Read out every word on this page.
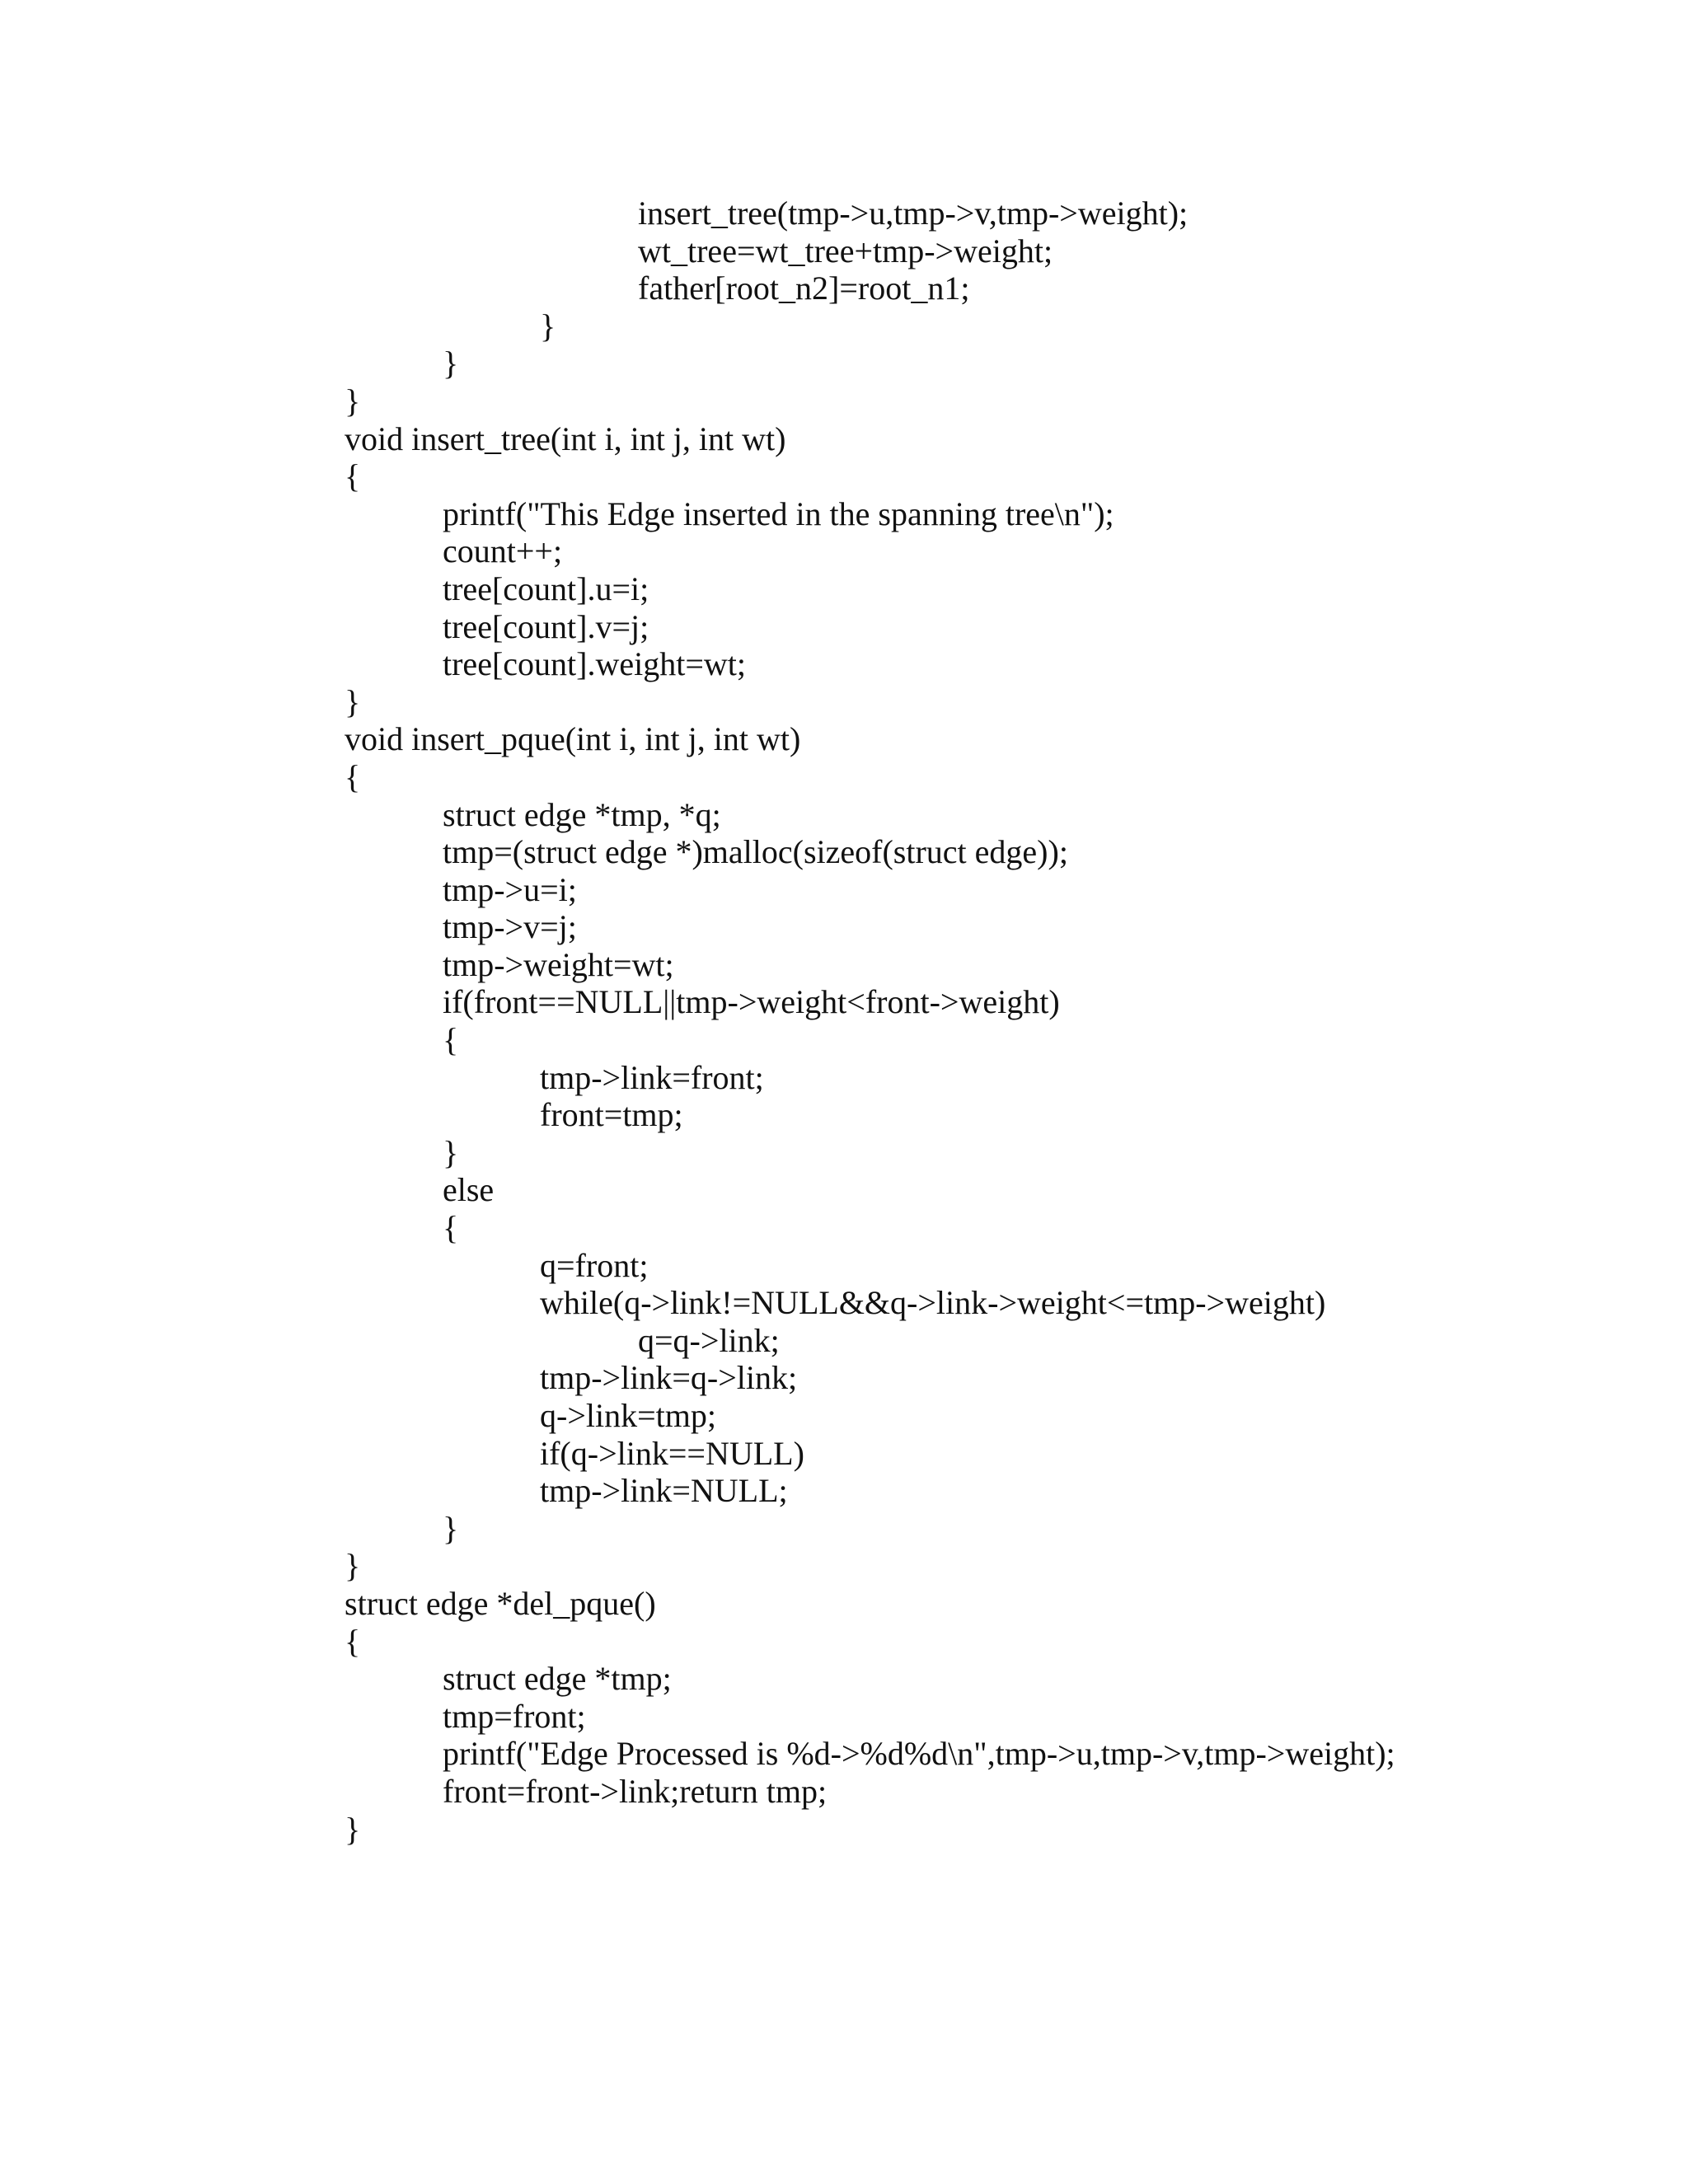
insert_tree(tmp->u,tmp->v,tmp->weight);
wt_tree=wt_tree+tmp->weight;
father[root_n2]=root_n1;
}
}
}
void insert_tree(int i, int j, int wt)
{
printf("This Edge inserted in the spanning tree\n");
count++;
tree[count].u=i;
tree[count].v=j;
tree[count].weight=wt;
}
void insert_pque(int i, int j, int wt)
{
struct edge *tmp, *q;
tmp=(struct edge *)malloc(sizeof(struct edge));
tmp->u=i;
tmp->v=j;
tmp->weight=wt;
if(front==NULL||tmp->weight<front->weight)
{
tmp->link=front;
front=tmp;
}
else
{
q=front;
while(q->link!=NULL&&q->link->weight<=tmp->weight)
q=q->link;
tmp->link=q->link;
q->link=tmp;
if(q->link==NULL)
tmp->link=NULL;
}
}
struct edge *del_pque()
{
struct edge *tmp;
tmp=front;
printf("Edge Processed is %d->%d%d\n",tmp->u,tmp->v,tmp->weight);
front=front->link;return tmp;
}
